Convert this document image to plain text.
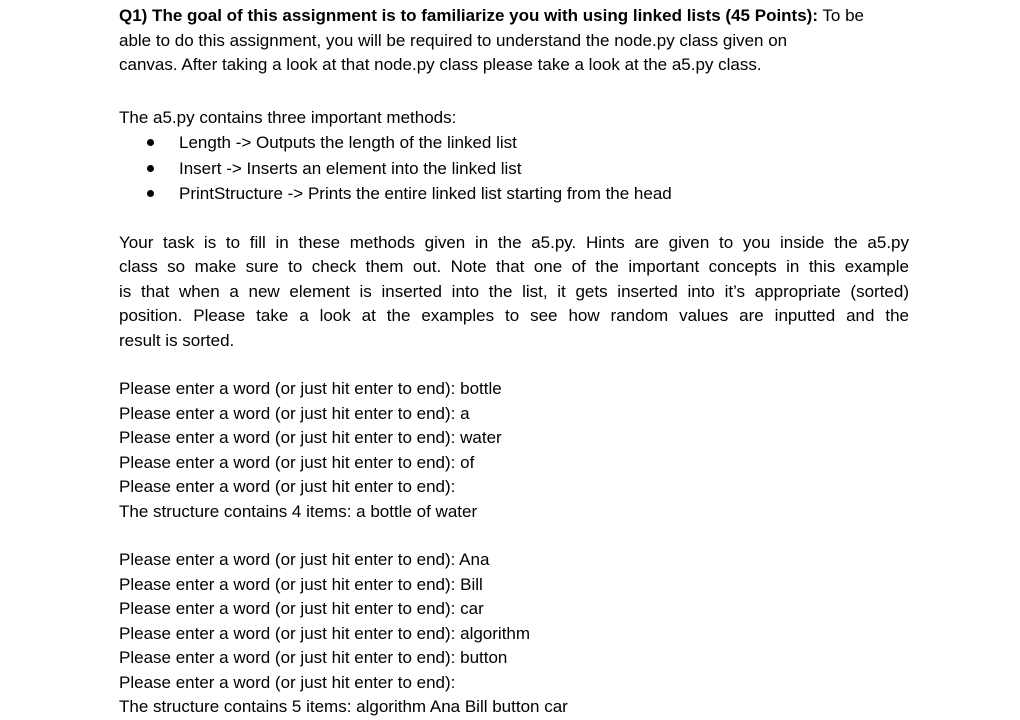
Q1) The goal of this assignment is to familiarize you with using linked lists (45 Points): To be
able to do this assignment, you will be required to understand the node.py class given on
canvas. After taking a look at that node.py class please take a look at the a5.py class.
The a5.py contains three important methods:
Length -> Outputs the length of the linked list
Insert -> Inserts an element into the linked list
PrintStructure -> Prints the entire linked list starting from the head
Your task is to fill in these methods given in the a5.py. Hints are given to you inside the a5.py
class so make sure to check them out. Note that one of the important concepts in this example
is that when a new element is inserted into the list, it gets inserted into it’s appropriate (sorted)
position. Please take a look at the examples to see how random values are inputted and the
result is sorted.
Please enter a word (or just hit enter to end): bottle
Please enter a word (or just hit enter to end): a
Please enter a word (or just hit enter to end): water
Please enter a word (or just hit enter to end): of
Please enter a word (or just hit enter to end):
The structure contains 4 items: a bottle of water
Please enter a word (or just hit enter to end): Ana
Please enter a word (or just hit enter to end): Bill
Please enter a word (or just hit enter to end): car
Please enter a word (or just hit enter to end): algorithm
Please enter a word (or just hit enter to end): button
Please enter a word (or just hit enter to end):
The structure contains 5 items: algorithm Ana Bill button car
